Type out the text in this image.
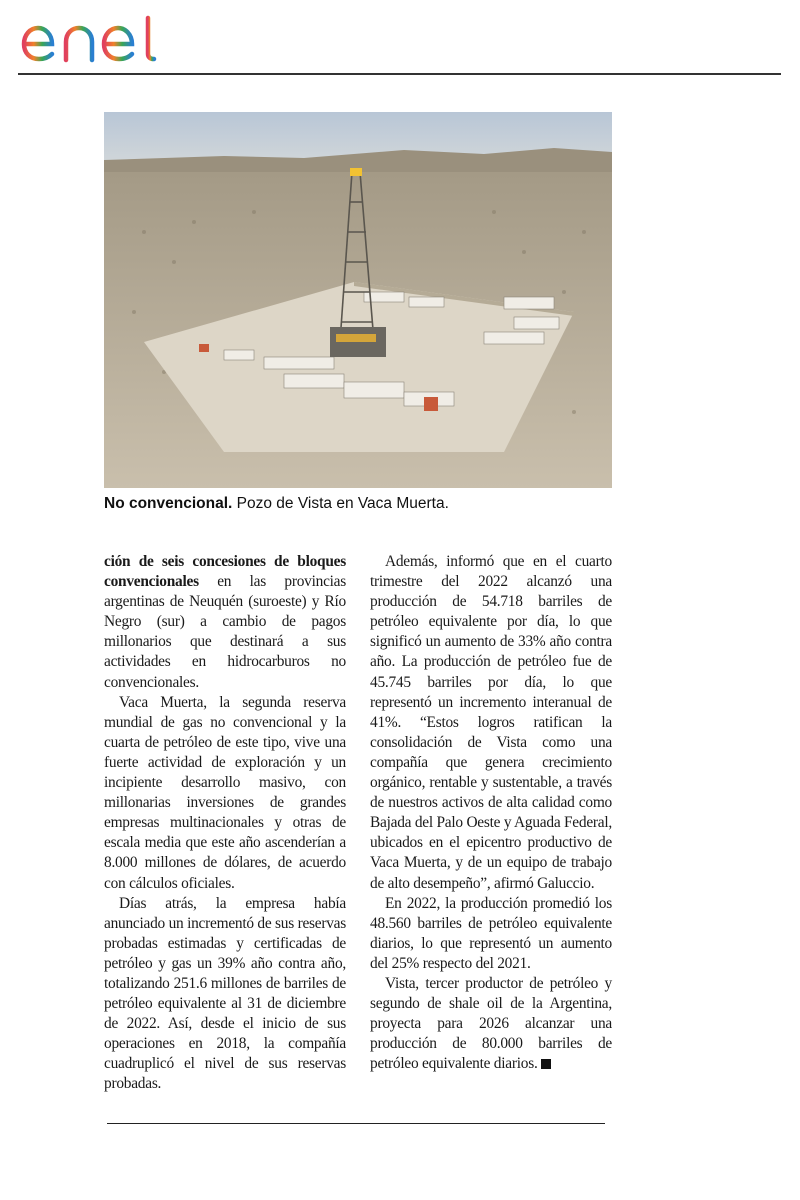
No convencional. Pozo de Vista en Vaca Muerta.

ción de seis concesiones de bloques convencionales en las provincias argentinas de Neuquén (suroeste) y Río Negro (sur) a cambio de pagos millonarios que destinará a sus actividades en hidrocarburos no convencionales.

Vaca Muerta, la segunda reserva mundial de gas no convencional y la cuarta de petróleo de este tipo, vive una fuerte actividad de exploración y un incipiente desarrollo masivo, con millonarias inversiones de grandes empresas multinacionales y otras de escala media que este año ascenderían a 8.000 millones de dólares, de acuerdo con cálculos oficiales.

Días atrás, la empresa había anunciado un incrementó de sus reservas probadas estimadas y certificadas de petróleo y gas un 39% año contra año, totalizando 251.6 millones de barriles de petróleo equivalente al 31 de diciembre de 2022. Así, desde el inicio de sus operaciones en 2018, la compañía cuadruplicó el nivel de sus reservas probadas.

Además, informó que en el cuarto trimestre del 2022 alcanzó una producción de 54.718 barriles de petróleo equivalente por día, lo que significó un aumento de 33% año contra año. La producción de petróleo fue de 45.745 barriles por día, lo que representó un incremento interanual de 41%. “Estos logros ratifican la consolidación de Vista como una compañía que genera crecimiento orgánico, rentable y sustentable, a través de nuestros activos de alta calidad como Bajada del Palo Oeste y Aguada Federal, ubicados en el epicentro productivo de Vaca Muerta, y de un equipo de trabajo de alto desempeño”, afirmó Galuccio.

En 2022, la producción promedió los 48.560 barriles de petróleo equivalente diarios, lo que representó un aumento del 25% respecto del 2021.

Vista, tercer productor de petróleo y segundo de shale oil de la Argentina, proyecta para 2026 alcanzar una producción de 80.000 barriles de petróleo equivalente diarios.
